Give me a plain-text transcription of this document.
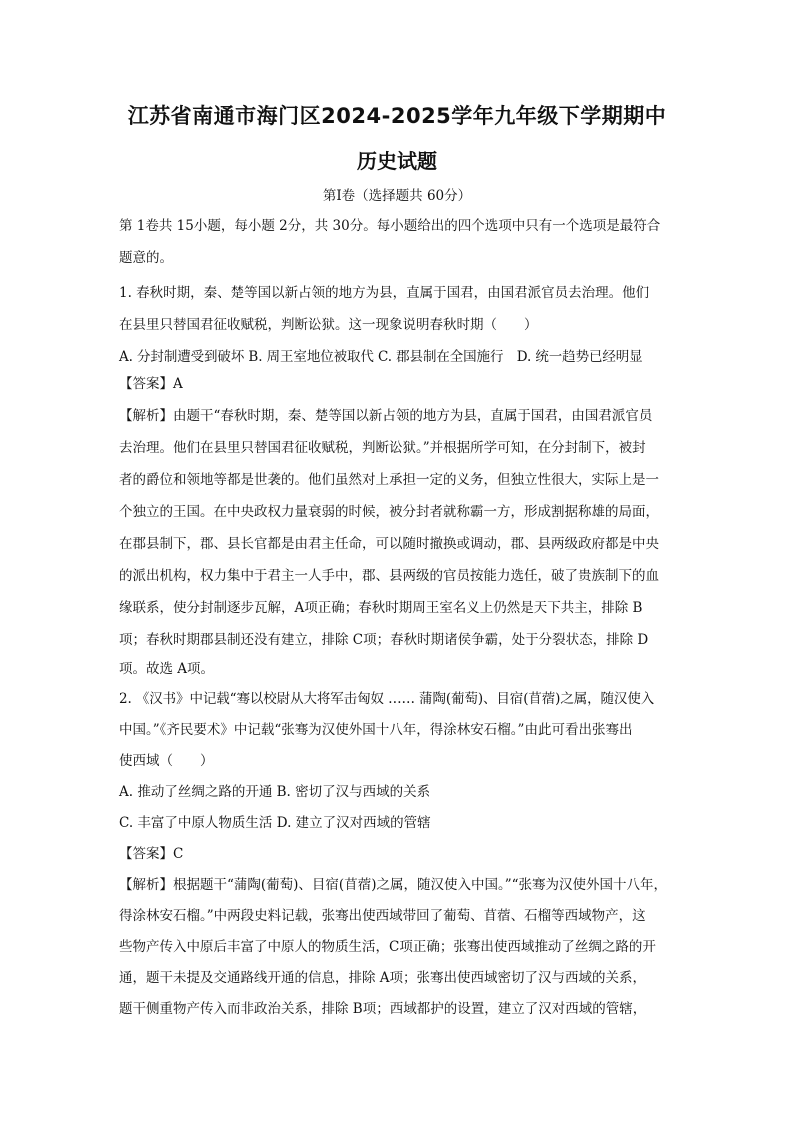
江苏省南通市海门区2024-2025学年九年级下学期期中
历史试题
第Ⅰ卷（选择题共 60分）
第 1卷共 15小题，每小题 2分，共 30分。每小题给出的四个选项中只有一个选项是最符合
题意的。
1. 春秋时期，秦、楚等国以新占领的地方为县，直属于国君，由国君派官员去治理。他们
在县里只替国君征收赋税，判断讼狱。这一现象说明春秋时期（　　）
A. 分封制遭受到破坏 B. 周王室地位被取代 C. 郡县制在全国施行　D. 统一趋势已经明显
【答案】A
【解析】由题干“春秋时期，秦、楚等国以新占领的地方为县，直属于国君，由国君派官员
去治理。他们在县里只替国君征收赋税，判断讼狱。”并根据所学可知，在分封制下，被封
者的爵位和领地等都是世袭的。他们虽然对上承担一定的义务，但独立性很大，实际上是一
个独立的王国。在中央政权力量衰弱的时候，被分封者就称霸一方，形成割据称雄的局面，
在郡县制下，郡、县长官都是由君主任命，可以随时撤换或调动，郡、县两级政府都是中央
的派出机构，权力集中于君主一人手中，郡、县两级的官员按能力选任，破了贵族制下的血
缘联系，使分封制逐步瓦解，A项正确；春秋时期周王室名义上仍然是天下共主，排除 B
项；春秋时期郡县制还没有建立，排除 C项；春秋时期诸侯争霸，处于分裂状态，排除 D
项。故选 A项。
2. 《汉书》中记载“骞以校尉从大将军击匈奴 …… 蒲陶(葡萄)、目宿(苜蓿)之属，随汉使入
中国。”《齐民要术》中记载“张骞为汉使外国十八年，得涂林安石榴。”由此可看出张骞出
使西域（　　）
A. 推动了丝绸之路的开通 B. 密切了汉与西域的关系
C. 丰富了中原人物质生活 D. 建立了汉对西域的管辖
【答案】C
【解析】根据题干“蒲陶(葡萄)、目宿(苜蓿)之属，随汉使入中国。”“张骞为汉使外国十八年，
得涂林安石榴。”中两段史料记载，张骞出使西域带回了葡萄、苜蓿、石榴等西域物产，这
些物产传入中原后丰富了中原人的物质生活，C项正确；张骞出使西域推动了丝绸之路的开
通，题干未提及交通路线开通的信息，排除 A项；张骞出使西域密切了汉与西域的关系，
题干侧重物产传入而非政治关系，排除 B项；西域都护的设置，建立了汉对西域的管辖，
